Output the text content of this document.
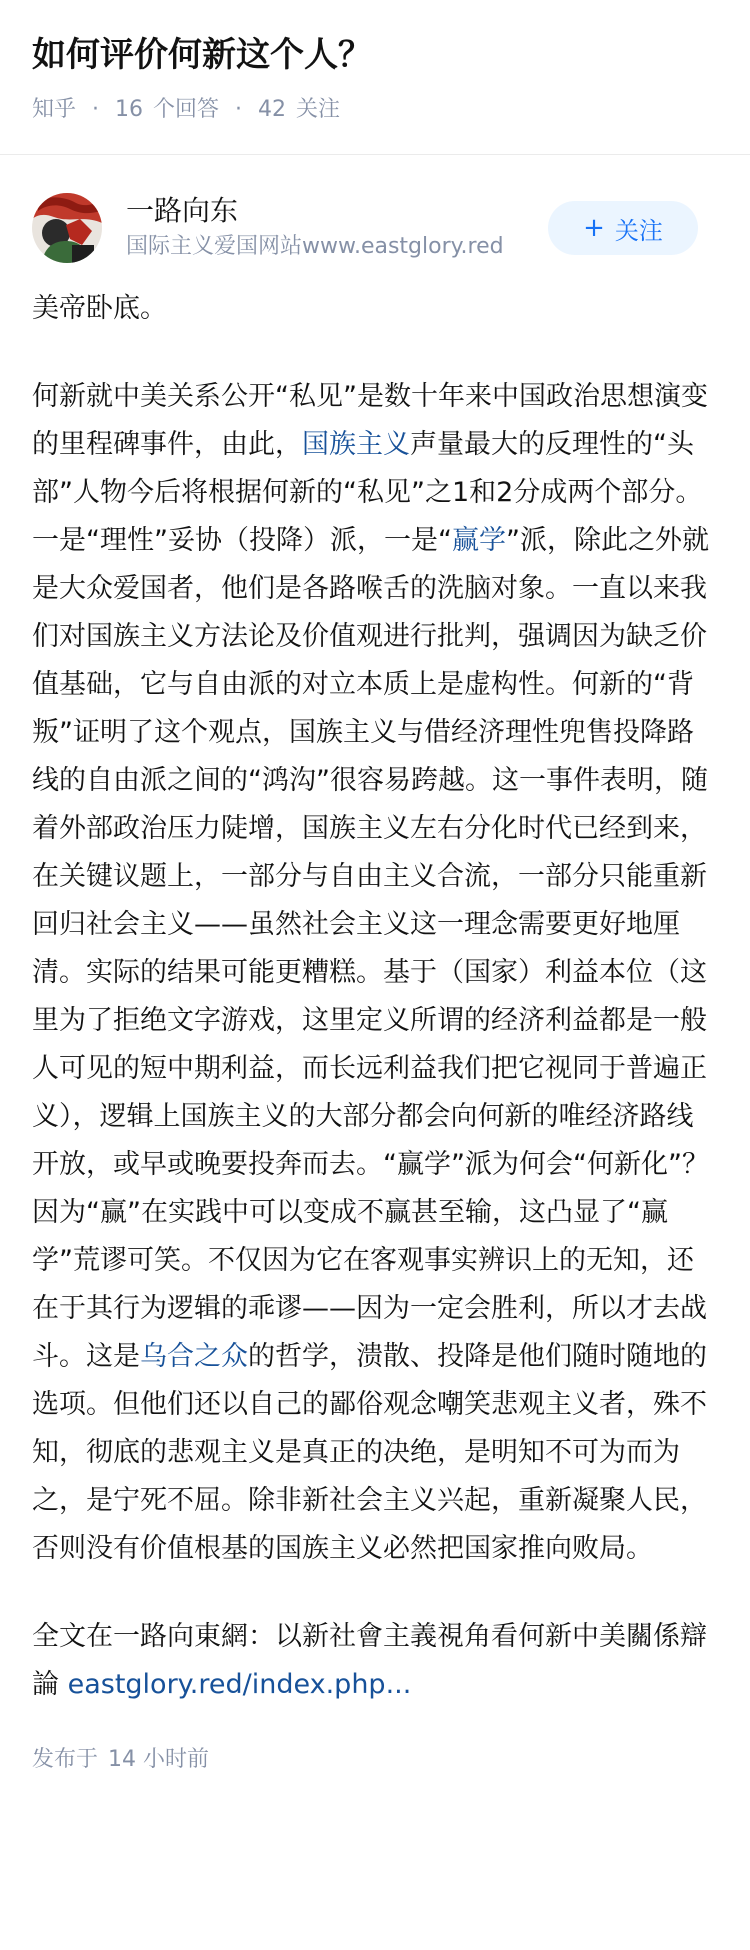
如何评价何新这个人？
知乎 · 16 个回答 · 42 关注
一路向东
国际主义爱国网站www.eastglory.red
+ 关注

美帝卧底。

何新就中美关系公开“私见”是数十年来中国政治思想演变的里程碑事件，由此，国族主义声量最大的反理性的“头部”人物今后将根据何新的“私见”之1和2分成两个部分。一是“理性”妥协（投降）派，一是“赢学”派，除此之外就是大众爱国者，他们是各路喉舌的洗脑对象。一直以来我们对国族主义方法论及价值观进行批判，强调因为缺乏价值基础，它与自由派的对立本质上是虚构性。何新的“背叛”证明了这个观点，国族主义与借经济理性兜售投降路线的自由派之间的“鸿沟”很容易跨越。这一事件表明，随着外部政治压力陡增，国族主义左右分化时代已经到来，在关键议题上，一部分与自由主义合流，一部分只能重新回归社会主义——虽然社会主义这一理念需要更好地厘清。实际的结果可能更糟糕。基于（国家）利益本位（这里为了拒绝文字游戏，这里定义所谓的经济利益都是一般人可见的短中期利益，而长远利益我们把它视同于普遍正义），逻辑上国族主义的大部分都会向何新的唯经济路线开放，或早或晚要投奔而去。“赢学”派为何会“何新化”？因为“赢”在实践中可以变成不赢甚至输，这凸显了“赢学”荒谬可笑。不仅因为它在客观事实辨识上的无知，还在于其行为逻辑的乖谬——因为一定会胜利，所以才去战斗。这是乌合之众的哲学，溃散、投降是他们随时随地的选项。但他们还以自己的鄙俗观念嘲笑悲观主义者，殊不知，彻底的悲观主义是真正的决绝，是明知不可为而为之，是宁死不屈。除非新社会主义兴起，重新凝聚人民，否则没有价值根基的国族主义必然把国家推向败局。

全文在一路向東網：以新社會主義視角看何新中美關係辯論 eastglory.red/index.php...

发布于 14 小时前
